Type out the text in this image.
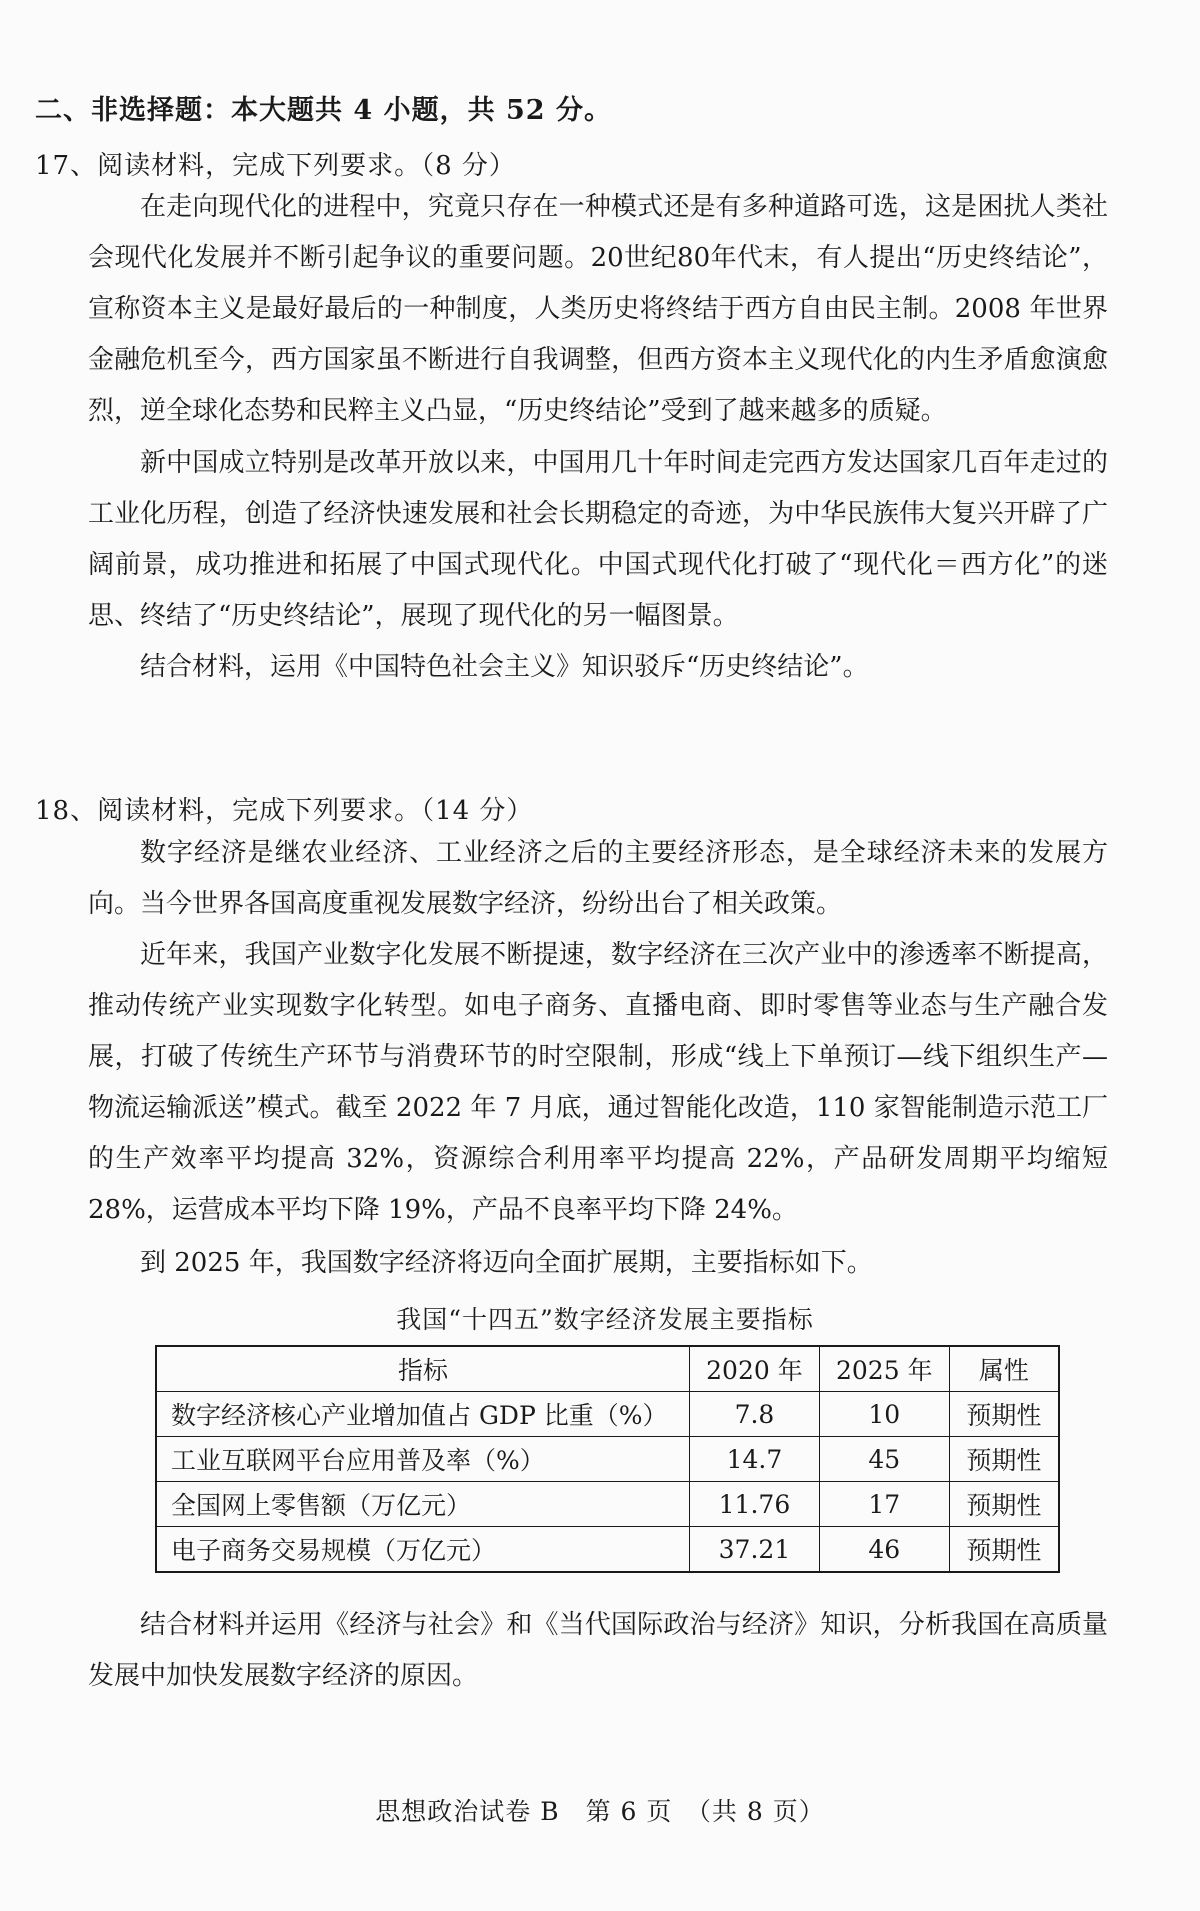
二、非选择题：本大题共 4 小题，共 52 分。
17、阅读材料，完成下列要求。（8 分）
在走向现代化的进程中，究竟只存在一种模式还是有多种道路可选，这是困扰人类社会现代化发展并不断引起争议的重要问题。20世纪80年代末，有人提出“历史终结论”，宣称资本主义是最好最后的一种制度，人类历史将终结于西方自由民主制。2008 年世界金融危机至今，西方国家虽不断进行自我调整，但西方资本主义现代化的内生矛盾愈演愈烈，逆全球化态势和民粹主义凸显，“历史终结论”受到了越来越多的质疑。
新中国成立特别是改革开放以来，中国用几十年时间走完西方发达国家几百年走过的工业化历程，创造了经济快速发展和社会长期稳定的奇迹，为中华民族伟大复兴开辟了广阔前景，成功推进和拓展了中国式现代化。中国式现代化打破了“现代化＝西方化”的迷思、终结了“历史终结论”，展现了现代化的另一幅图景。
结合材料，运用《中国特色社会主义》知识驳斥“历史终结论”。
18、阅读材料，完成下列要求。（14 分）
数字经济是继农业经济、工业经济之后的主要经济形态，是全球经济未来的发展方向。当今世界各国高度重视发展数字经济，纷纷出台了相关政策。
近年来，我国产业数字化发展不断提速，数字经济在三次产业中的渗透率不断提高，推动传统产业实现数字化转型。如电子商务、直播电商、即时零售等业态与生产融合发展，打破了传统生产环节与消费环节的时空限制，形成“线上下单预订—线下组织生产—物流运输派送”模式。截至 2022 年 7 月底，通过智能化改造，110 家智能制造示范工厂的生产效率平均提高 32%，资源综合利用率平均提高 22%，产品研发周期平均缩短 28%，运营成本平均下降 19%，产品不良率平均下降 24%。
到 2025 年，我国数字经济将迈向全面扩展期，主要指标如下。
我国“十四五”数字经济发展主要指标
指标	2020 年	2025 年	属性
数字经济核心产业增加值占 GDP 比重（%）	7.8	10	预期性
工业互联网平台应用普及率（%）	14.7	45	预期性
全国网上零售额（万亿元）	11.76	17	预期性
电子商务交易规模（万亿元）	37.21	46	预期性
结合材料并运用《经济与社会》和《当代国际政治与经济》知识，分析我国在高质量发展中加快发展数字经济的原因。
思想政治试卷 B　第 6 页　（共 8 页）
